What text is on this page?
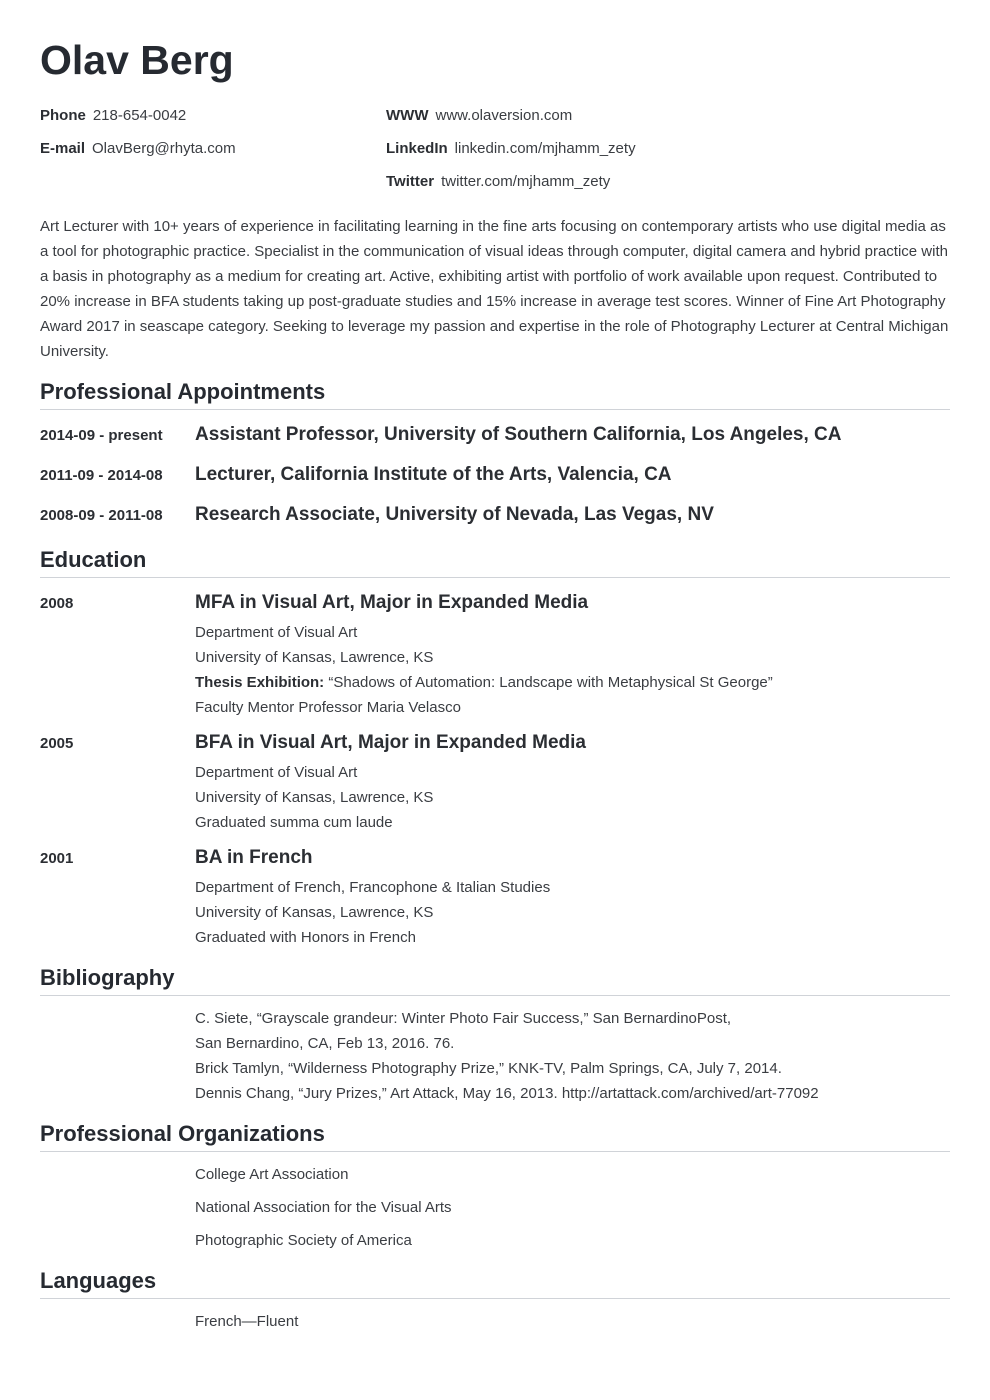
Olav Berg
Phone 218-654-0042
E-mail OlavBerg@rhyta.com
WWW www.olaversion.com
LinkedIn linkedin.com/mjhamm_zety
Twitter twitter.com/mjhamm_zety

Art Lecturer with 10+ years of experience in facilitating learning in the fine arts focusing on contemporary artists who use digital media as a tool for photographic practice. Specialist in the communication of visual ideas through computer, digital camera and hybrid practice with a basis in photography as a medium for creating art. Active, exhibiting artist with portfolio of work available upon request. Contributed to 20% increase in BFA students taking up post-graduate studies and 15% increase in average test scores. Winner of Fine Art Photography Award 2017 in seascape category. Seeking to leverage my passion and expertise in the role of Photography Lecturer at Central Michigan University.

Professional Appointments
2014-09 - present Assistant Professor, University of Southern California, Los Angeles, CA
2011-09 - 2014-08 Lecturer, California Institute of the Arts, Valencia, CA
2008-09 - 2011-08 Research Associate, University of Nevada, Las Vegas, NV
Education
2008	MFA in Visual Art, Major in Expanded Media
Department of Visual Art
University of Kansas, Lawrence, KS
Thesis Exhibition: “Shadows of Automation: Landscape with Metaphysical St George”
Faculty Mentor Professor Maria Velasco
2005	BFA in Visual Art, Major in Expanded Media
Department of Visual Art
University of Kansas, Lawrence, KS
Graduated summa cum laude
2001	BA in French
Department of French, Francophone & Italian Studies
University of Kansas, Lawrence, KS
Graduated with Honors in French
Bibliography
C. Siete, “Grayscale grandeur: Winter Photo Fair Success,” San BernardinoPost,
San Bernardino, CA, Feb 13, 2016. 76.
Brick Tamlyn, “Wilderness Photography Prize,” KNK-TV, Palm Springs, CA, July 7, 2014.
Dennis Chang, “Jury Prizes,” Art Attack, May 16, 2013. http://artattack.com/archived/art-77092
Professional Organizations
College Art Association
National Association for the Visual Arts
Photographic Society of America
Languages
French—Fluent
